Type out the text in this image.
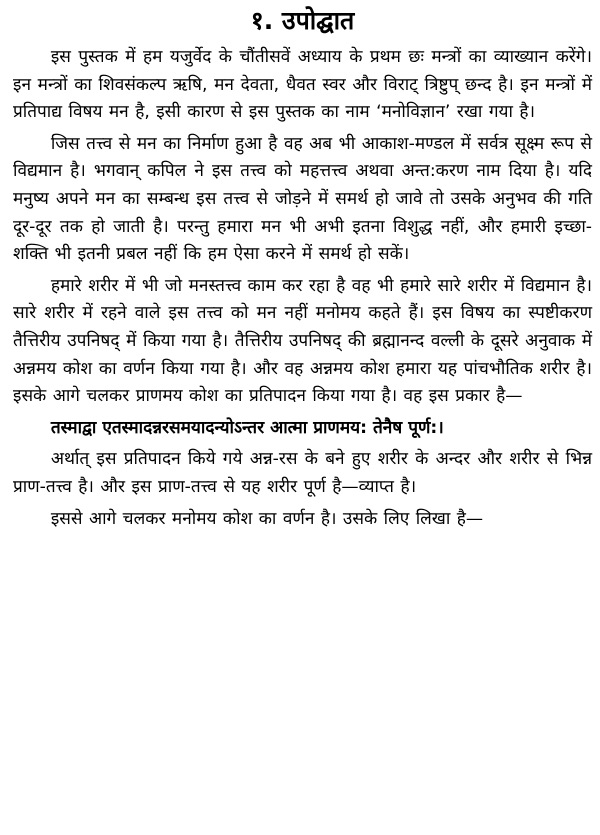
१. उपोद्घात

इस पुस्तक में हम यजुर्वेद के चौंतीसवें अध्याय के प्रथम छः मन्त्रों का व्याख्यान करेंगे। इन मन्त्रों का शिवसंकल्प ऋषि, मन देवता, धैवत स्वर और विराट् त्रिष्टुप् छन्द है। इन मन्त्रों में प्रतिपाद्य विषय मन है, इसी कारण से इस पुस्तक का नाम ‘मनोविज्ञान’ रखा गया है।

जिस तत्त्व से मन का निर्माण हुआ है वह अब भी आकाश-मण्डल में सर्वत्र सूक्ष्म रूप से विद्यमान है। भगवान् कपिल ने इस तत्त्व को महत्तत्त्व अथवा अन्त:करण नाम दिया है। यदि मनुष्य अपने मन का सम्बन्ध इस तत्त्व से जोड़ने में समर्थ हो जावे तो उसके अनुभव की गति दूर-दूर तक हो जाती है। परन्तु हमारा मन भी अभी इतना विशुद्ध नहीं, और हमारी इच्छा-शक्ति भी इतनी प्रबल नहीं कि हम ऐसा करने में समर्थ हो सकें।

हमारे शरीर में भी जो मनस्तत्त्व काम कर रहा है वह भी हमारे सारे शरीर में विद्यमान है। सारे शरीर में रहने वाले इस तत्त्व को मन नहीं मनोमय कहते हैं। इस विषय का स्पष्टीकरण तैत्तिरीय उपनिषद् में किया गया है। तैत्तिरीय उपनिषद् की ब्रह्मानन्द वल्ली के दूसरे अनुवाक में अन्नमय कोश का वर्णन किया गया है। और वह अन्नमय कोश हमारा यह पांचभौतिक शरीर है। इसके आगे चलकर प्राणमय कोश का प्रतिपादन किया गया है। वह इस प्रकार है—

तस्माद्वा एतस्मादन्नरसमयादन्योऽन्तर आत्मा प्राणमय: तेनैष पूर्ण:।

अर्थात् इस प्रतिपादन किये गये अन्न-रस के बने हुए शरीर के अन्दर और शरीर से भिन्न प्राण-तत्त्व है। और इस प्राण-तत्त्व से यह शरीर पूर्ण है—व्याप्त है।

इससे आगे चलकर मनोमय कोश का वर्णन है। उसके लिए लिखा है—
